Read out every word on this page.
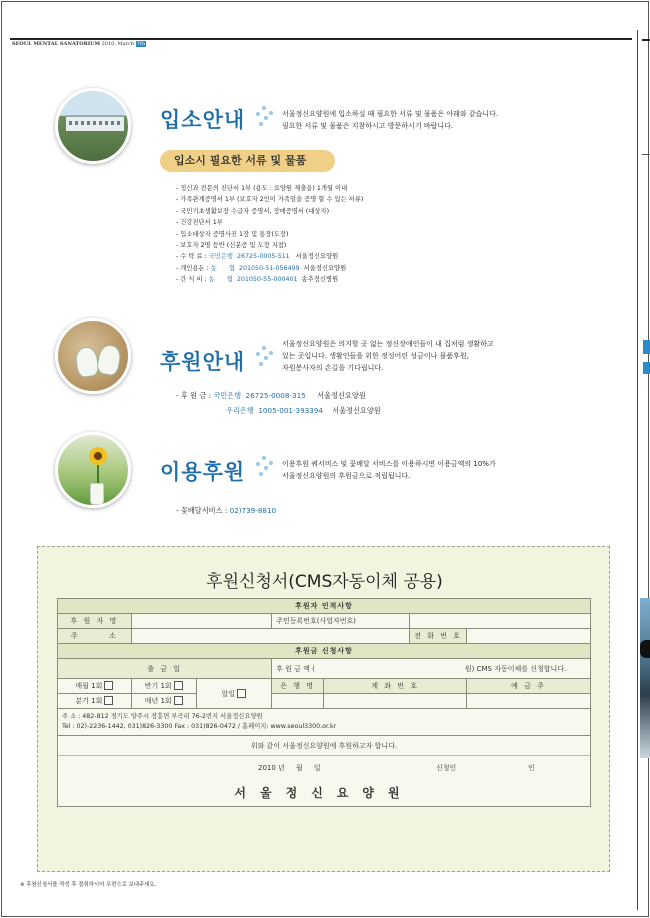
SEOUL MENTAL SANATORIUM 2010. March 7th
입소안내	서울정신요양원에 입소하실 때 필요한 서류 및 물품은 아래와 같습니다.
필요한 서류 및 물품은 지참하시고 방문하시기 바랍니다.
입소시 필요한 서류 및 물품
- 정신과 전문의 진단서 1부 (용도 : 요양원 제출용) 1개월 이내
- 가족관계증명서 1부 (보호자 2인이 가족임을 증명 할 수 있는 서류)
- 국민기초생활보장 수급자 증명서, 장애증명서 (대상자)
- 건강진단서 1부
- 입소대상자 증명사진 1장 및 통장(도장)
- 보호자 2명 등반 (신분증 및 도장 지참)
- 수 탁 료 : 국민은행 26725-0005-511 서울정신요양원
- 개인용돈 : 농      협 201050-51-056499 서울정신요양원
- 간 식 비 : 농      협 201050-55-000401 송추정신병원
후원안내
서울정신요양원은 의지할 곳 없는 정신장애인들이 내 집처럼 생활하고
있는 곳입니다. 생활인들을 위한 정성어린 성금이나 물품후원,
자원봉사자의 손길을 기다립니다.
- 후 원 금 : 국민은행 26725-0008-315 서울정신요양원
우리은행 1005-001-393394 서울정신요양원
이용후원	이용후원 쿼서비스 및 꽃배달 서비스를 이용하시면 이용금액의 10%가
서울정신요양원의 후원금으로 적립됩니다.
- 꽃배달서비스 : 02)739-8810
후원신청서(CMS자동이체 공용)
후원자 인적사항						
후 원 자 명			주민등록번호(사업자번호)			
주       소					전 화 번 호	
후원금 신청사항						
출 금 일			후 원 금 액 ( 원) CMS 자동이체를 신청합니다.			
매월 1회	반기 1회	알일	은 행 명	계 좌 번 호		예 금 주
분기 1회	매년 1회					

주 소 : 482-812 경기도 양주시 장흥면 부곡리 76-2번지 서울정신요양원
Tel : 02)-2236-1442, 031)826-3300 Fax : 031)826-0472 / 홈페이지: www.seoul3300.or.kr						

위와 같이 서울정신요양원에 후원하고자 합니다.
2010 년     월     일 신청인 인
서울정신요양원						
※ 후원신청서를 작성 후 절취하시어 우편으로 보내주세요.
